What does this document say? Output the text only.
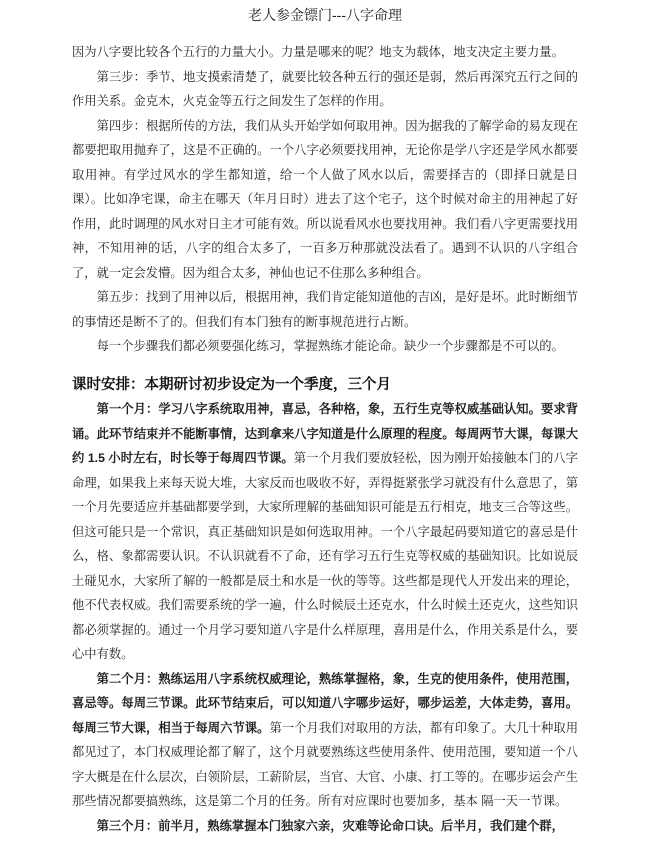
老人参金镖门---八字命理

因为八字要比较各个五行的力量大小。力量是哪来的呢？地支为载体，地支决定主要力量。

第三步：季节、地支摸索清楚了，就要比较各种五行的强还是弱，然后再深究五行之间的作用关系。金克木，火克金等五行之间发生了怎样的作用。

第四步：根据所传的方法，我们从头开始学如何取用神。因为据我的了解学命的易友现在都要把取用抛弃了，这是不正确的。一个八字必须要找用神，无论你是学八字还是学风水都要取用神。有学过风水的学生都知道，给一个人做了风水以后，需要择吉的（即择日就是日课）。比如净宅课，命主在哪天（年月日时）进去了这个宅子，这个时候对命主的用神起了好作用，此时调理的风水对日主才可能有效。所以说看风水也要找用神。我们看八字更需要找用神，不知用神的话，八字的组合太多了，一百多万种那就没法看了。遇到不认识的八字组合了，就一定会发懵。因为组合太多，神仙也记不住那么多种组合。

第五步：找到了用神以后，根据用神，我们肯定能知道他的吉凶，是好是坏。此时断细节的事情还是断不了的。但我们有本门独有的断事规范进行占断。

每一个步骤我们都必须要强化练习，掌握熟练才能论命。缺少一个步骤都是不可以的。

课时安排：本期研讨初步设定为一个季度，三个月

第一个月：学习八字系统取用神，喜忌，各种格，象，五行生克等权威基础认知。要求背诵。此环节结束并不能断事情，达到拿来八字知道是什么原理的程度。每周两节大课，每课大约 1.5 小时左右，时长等于每周四节课。第一个月我们要放轻松，因为刚开始接触本门的八字命理，如果我上来每天说大堆，大家反而也吸收不好，弄得挺紧张学习就没有什么意思了，第一个月先要适应并基础都要学到，大家所理解的基础知识可能是五行相克，地支三合等这些。但这可能只是一个常识，真正基础知识是如何选取用神。一个八字最起码要知道它的喜忌是什么，格、象都需要认识。不认识就看不了命，还有学习五行生克等权威的基础知识。比如说辰土碰见水，大家所了解的一般都是辰土和水是一伙的等等。这些都是现代人开发出来的理论，他不代表权威。我们需要系统的学一遍，什么时候辰土还克水，什么时候土还克火，这些知识都必须掌握的。通过一个月学习要知道八字是什么样原理，喜用是什么，作用关系是什么，要心中有数。

第二个月：熟练运用八字系统权威理论，熟练掌握格，象，生克的使用条件，使用范围，喜忌等。每周三节课。此环节结束后，可以知道八字哪步运好，哪步运差，大体走势，喜用。每周三节大课，相当于每周六节课。第一个月我们对取用的方法，都有印象了。大几十种取用都见过了，本门权威理论都了解了，这个月就要熟练这些使用条件、使用范围，要知道一个八字大概是在什么层次，白领阶层，工薪阶层，当官、大官、小康、打工等的。在哪步运会产生那些情况都要搞熟练，这是第二个月的任务。所有对应课时也要加多，基本 隔一天一节课。

第三个月：前半月，熟练掌握本门独家六亲，灾难等论命口诀。后半月，我们建个群，
